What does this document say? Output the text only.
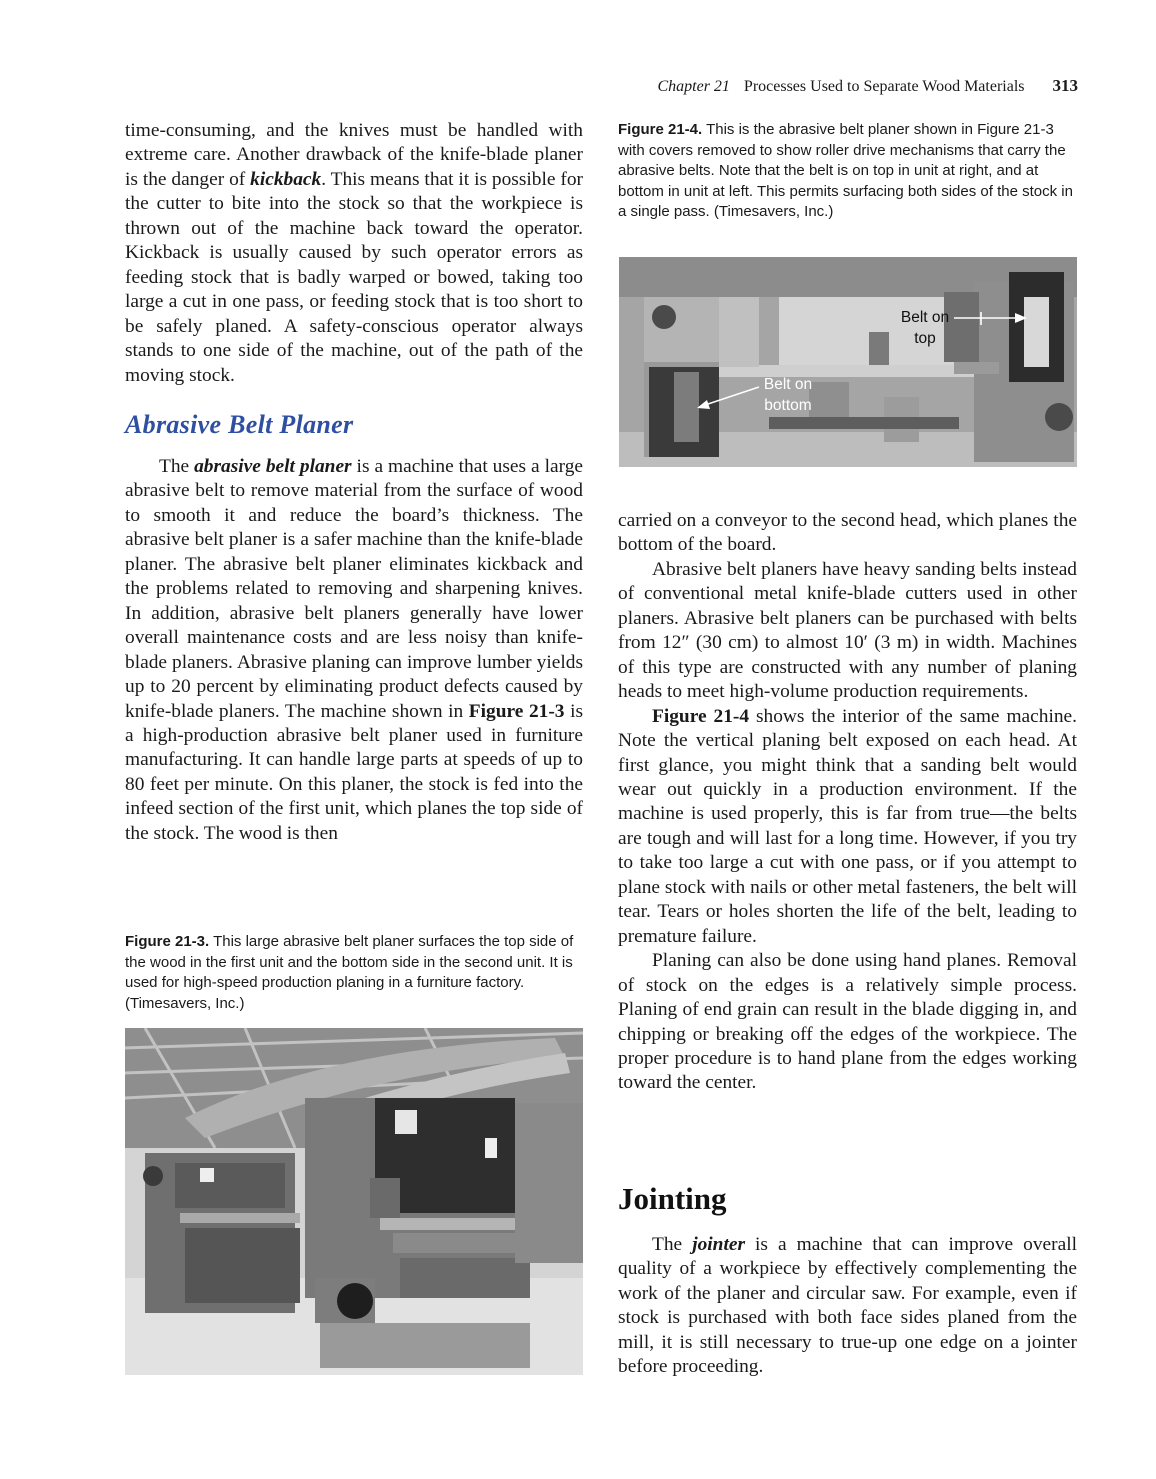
Chapter 21 Processes Used to Separate Wood Materials 313

time-consuming, and the knives must be handled with extreme care. Another drawback of the knife-blade planer is the danger of kickback. This means that it is possible for the cutter to bite into the stock so that the workpiece is thrown out of the machine back toward the operator. Kickback is usually caused by such operator errors as feeding stock that is badly warped or bowed, taking too large a cut in one pass, or feeding stock that is too short to be safely planed. A safety-conscious operator always stands to one side of the machine, out of the path of the moving stock.

Abrasive Belt Planer

The abrasive belt planer is a machine that uses a large abrasive belt to remove material from the surface of wood to smooth it and reduce the board’s thickness. The abrasive belt planer is a safer machine than the knife-blade planer. The abrasive belt planer eliminates kickback and the problems related to removing and sharpening knives. In addition, abrasive belt planers generally have lower overall maintenance costs and are less noisy than knife-blade planers. Abrasive planing can improve lumber yields up to 20 percent by eliminating product defects caused by knife-blade planers. The machine shown in Figure 21-3 is a high-production abrasive belt planer used in furniture manufacturing. It can handle large parts at speeds of up to 80 feet per minute. On this planer, the stock is fed into the infeed section of the first unit, which planes the top side of the stock. The wood is then

Figure 21-3. This large abrasive belt planer surfaces the top side of the wood in the first unit and the bottom side in the second unit. It is used for high-speed production planing in a furniture factory. (Timesavers, Inc.)
Figure 21-4. This is the abrasive belt planer shown in Figure 21-3 with covers removed to show roller drive mechanisms that carry the abrasive belts. Note that the belt is on top in unit at right, and at bottom in unit at left. This permits surfacing both sides of the stock in a single pass. (Timesavers, Inc.)
Belt on
top
Belt on
bottom

carried on a conveyor to the second head, which planes the bottom of the board.

Abrasive belt planers have heavy sanding belts instead of conventional metal knife-blade cutters used in other planers. Abrasive belt planers can be purchased with belts from 12″ (30 cm) to almost 10′ (3 m) in width. Machines of this type are constructed with any number of planing heads to meet high-volume production requirements.

Figure 21-4 shows the interior of the same machine. Note the vertical planing belt exposed on each head. At first glance, you might think that a sanding belt would wear out quickly in a production environment. If the machine is used properly, this is far from true—the belts are tough and will last for a long time. However, if you try to take too large a cut with one pass, or if you attempt to plane stock with nails or other metal fasteners, the belt will tear. Tears or holes shorten the life of the belt, leading to premature failure.

Planing can also be done using hand planes. Removal of stock on the edges is a relatively simple process. Planing of end grain can result in the blade digging in, and chipping or breaking off the edges of the workpiece. The proper procedure is to hand plane from the edges working toward the center.

Jointing

The jointer is a machine that can improve overall quality of a workpiece by effectively complementing the work of the planer and circular saw. For example, even if stock is purchased with both face sides planed from the mill, it is still necessary to true-up one edge on a jointer before proceeding.
